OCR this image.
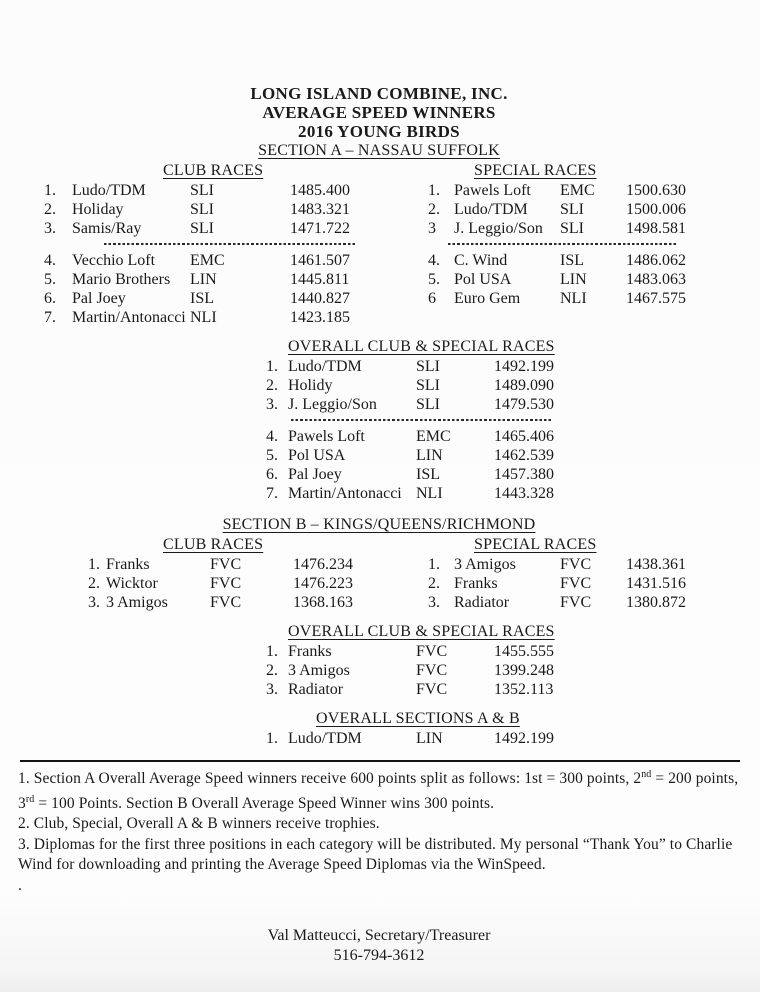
LONG ISLAND COMBINE, INC.
AVERAGE SPEED WINNERS
2016 YOUNG BIRDS
SECTION A – NASSAU SUFFOLK
CLUB RACES
1.	Ludo/TDM	SLI	1485.400
2.	Holiday	SLI	1483.321
3.	Samis/Ray	SLI	1471.722
4.	Vecchio Loft	EMC	1461.507
5.	Mario Brothers	LIN	1445.811
6.	Pal Joey	ISL	1440.827
7.	Martin/Antonacci NLI	1423.185
SPECIAL RACES
1. Pawels Loft	EMC	1500.630
2. Ludo/TDM	SLI	1500.006
3	J. Leggio/Son	SLI	1498.581
4. C. Wind	ISL	1486.062
5. Pol USA	LIN	1483.063
6	Euro Gem	NLI	1467.575
OVERALL CLUB & SPECIAL RACES
1. Ludo/TDM	SLI	1492.199
2. Holidy	SLI	1489.090
3. J. Leggio/Son	SLI	1479.530
4. Pawels Loft	EMC	1465.406
5. Pol USA	LIN	1462.539
6. Pal Joey	ISL	1457.380
7. Martin/Antonacci NLI	1443.328
SECTION B – KINGS/QUEENS/RICHMOND
CLUB RACES
1. Franks	FVC	1476.234
2. Wicktor	FVC	1476.223
3. 3 Amigos	FVC	1368.163
SPECIAL RACES
1. 3 Amigos	FVC	1438.361
2. Franks	FVC	1431.516
3. Radiator	FVC	1380.872
OVERALL CLUB & SPECIAL RACES
1. Franks	FVC	1455.555
2. 3 Amigos	FVC	1399.248
3. Radiator	FVC	1352.113
OVERALL SECTIONS A & B
1. Ludo/TDM	LIN	1492.199

1. Section A Overall Average Speed winners receive 600 points split as follows: 1st = 300 points, 2nd = 200 points, 3rd = 100 Points. Section B Overall Average Speed Winner wins 300 points.

2. Club, Special, Overall A & B winners receive trophies.

3. Diplomas for the first three positions in each category will be distributed. My personal “Thank You” to Charlie Wind for downloading and printing the Average Speed Diplomas via the WinSpeed.

.

Val Matteucci, Secretary/Treasurer
516-794-3612
